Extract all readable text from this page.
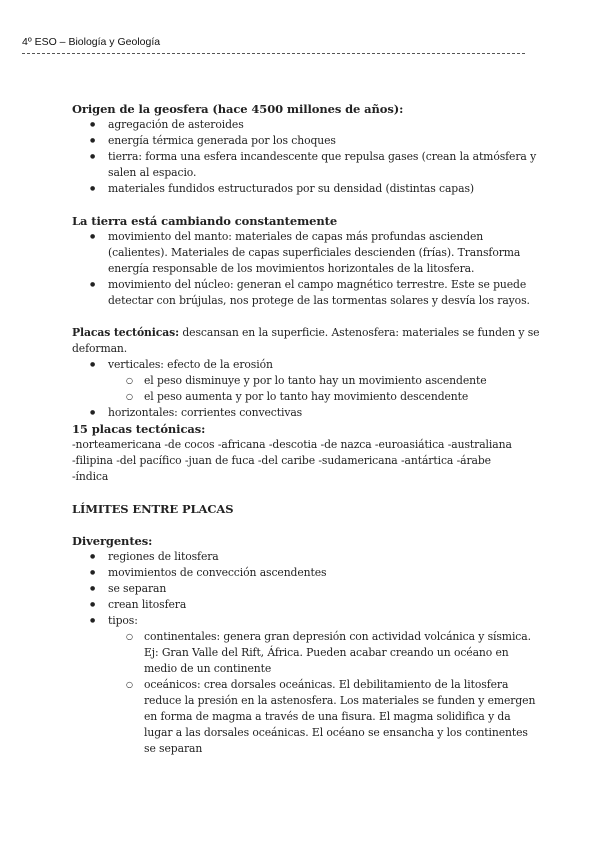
4º ESO – Biología y Geología
Origen de la geosfera (hace 4500 millones de años):
● agregación de asteroides
● energía térmica generada por los choques
● tierra: forma una esfera incandescente que repulsa gases (crean la atmósfera y salen al espacio.
● materiales fundidos estructurados por su densidad (distintas capas)
La tierra está cambiando constantemente
● movimiento del manto: materiales de capas más profundas ascienden (calientes). Materiales de capas superficiales descienden (frías). Transforma energía responsable de los movimientos horizontales de la litosfera.
● movimiento del núcleo: generan el campo magnético terrestre. Este se puede detectar con brújulas, nos protege de las tormentas solares y desvía los rayos.
Placas tectónicas: descansan en la superficie. Astenosfera: materiales se funden y se deforman.
● verticales: efecto de la erosión
○ el peso disminuye y por lo tanto hay un movimiento ascendente
○ el peso aumenta y por lo tanto hay movimiento descendente
● horizontales: corrientes convectivas
15 placas tectónicas:
-norteamericana -de cocos -africana -descotia -de nazca -euroasiática -australiana
-filipina -del pacífico -juan de fuca -del caribe -sudamericana -antártica -árabe
-índica
LÍMITES ENTRE PLACAS
Divergentes:
● regiones de litosfera
● movimientos de convección ascendentes
● se separan
● crean litosfera
● tipos:
○ continentales: genera gran depresión con actividad volcánica y sísmica. Ej: Gran Valle del Rift, África. Pueden acabar creando un océano en medio de un continente
○ oceánicos: crea dorsales oceánicas. El debilitamiento de la litosfera reduce la presión en la astenosfera. Los materiales se funden y emergen en forma de magma a través de una fisura. El magma solidifica y da lugar a las dorsales oceánicas. El océano se ensancha y los continentes se separan
